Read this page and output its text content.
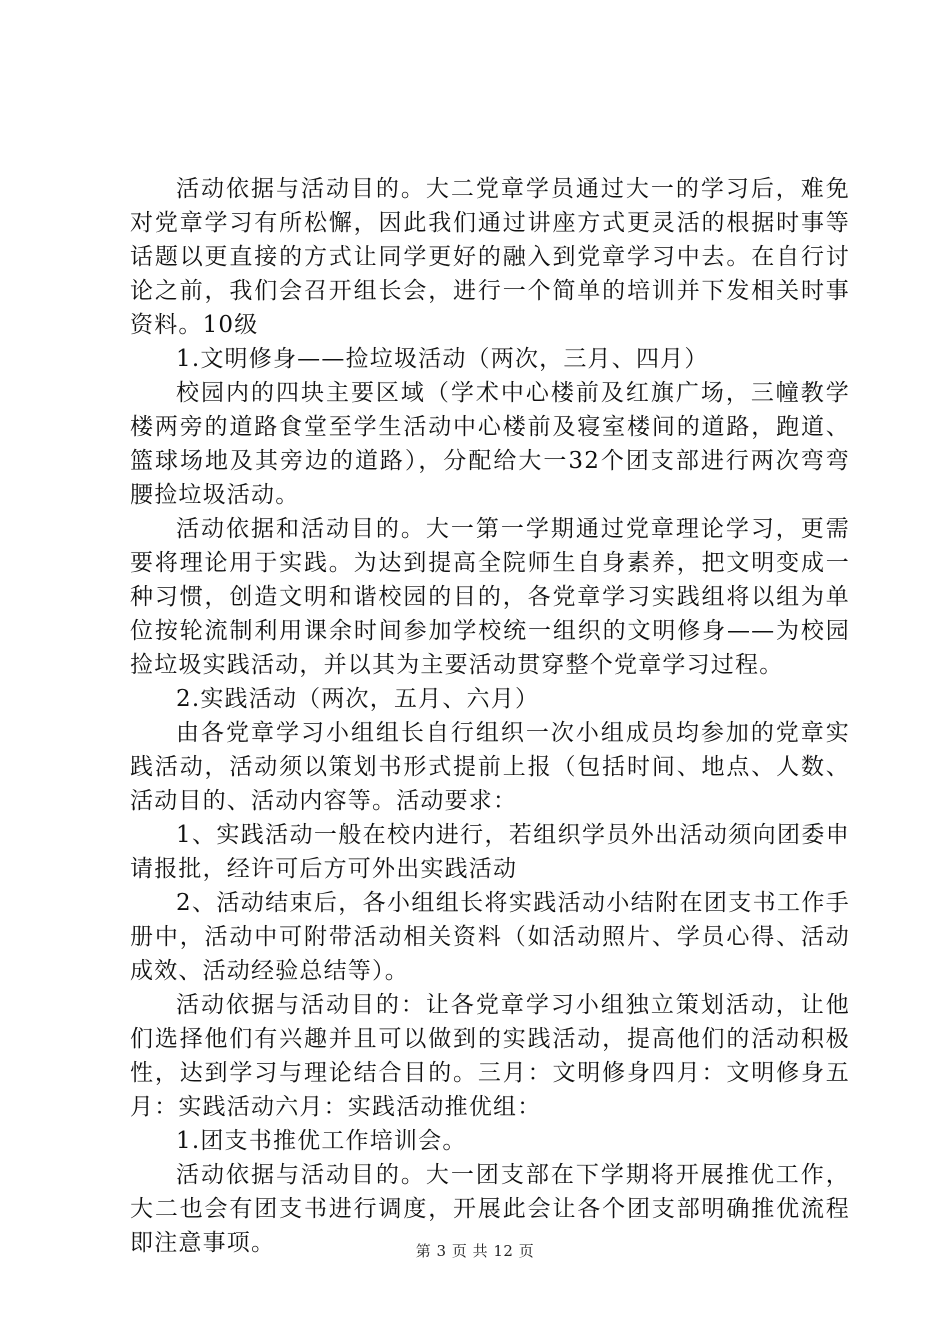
活动依据与活动目的。大二党章学员通过大一的学习后，难免对党章学习有所松懈，因此我们通过讲座方式更灵活的根据时事等话题以更直接的方式让同学更好的融入到党章学习中去。在自行讨论之前，我们会召开组长会，进行一个简单的培训并下发相关时事资料。10级

1.文明修身——捡垃圾活动（两次，三月、四月）

校园内的四块主要区域（学术中心楼前及红旗广场，三幢教学楼两旁的道路食堂至学生活动中心楼前及寝室楼间的道路，跑道、篮球场地及其旁边的道路），分配给大一32个团支部进行两次弯弯腰捡垃圾活动。

活动依据和活动目的。大一第一学期通过党章理论学习，更需要将理论用于实践。为达到提高全院师生自身素养，把文明变成一种习惯，创造文明和谐校园的目的，各党章学习实践组将以组为单位按轮流制利用课余时间参加学校统一组织的文明修身——为校园捡垃圾实践活动，并以其为主要活动贯穿整个党章学习过程。

2.实践活动（两次，五月、六月）

由各党章学习小组组长自行组织一次小组成员均参加的党章实践活动，活动须以策划书形式提前上报（包括时间、地点、人数、活动目的、活动内容等。活动要求：

1、实践活动一般在校内进行，若组织学员外出活动须向团委申请报批，经许可后方可外出实践活动

2、活动结束后，各小组组长将实践活动小结附在团支书工作手册中，活动中可附带活动相关资料（如活动照片、学员心得、活动成效、活动经验总结等）。

活动依据与活动目的：让各党章学习小组独立策划活动，让他们选择他们有兴趣并且可以做到的实践活动，提高他们的活动积极性，达到学习与理论结合目的。三月：文明修身四月：文明修身五月：实践活动六月：实践活动推优组：

1.团支书推优工作培训会。

活动依据与活动目的。大一团支部在下学期将开展推优工作，大二也会有团支书进行调度，开展此会让各个团支部明确推优流程即注意事项。	第 3 页 共 12 页
